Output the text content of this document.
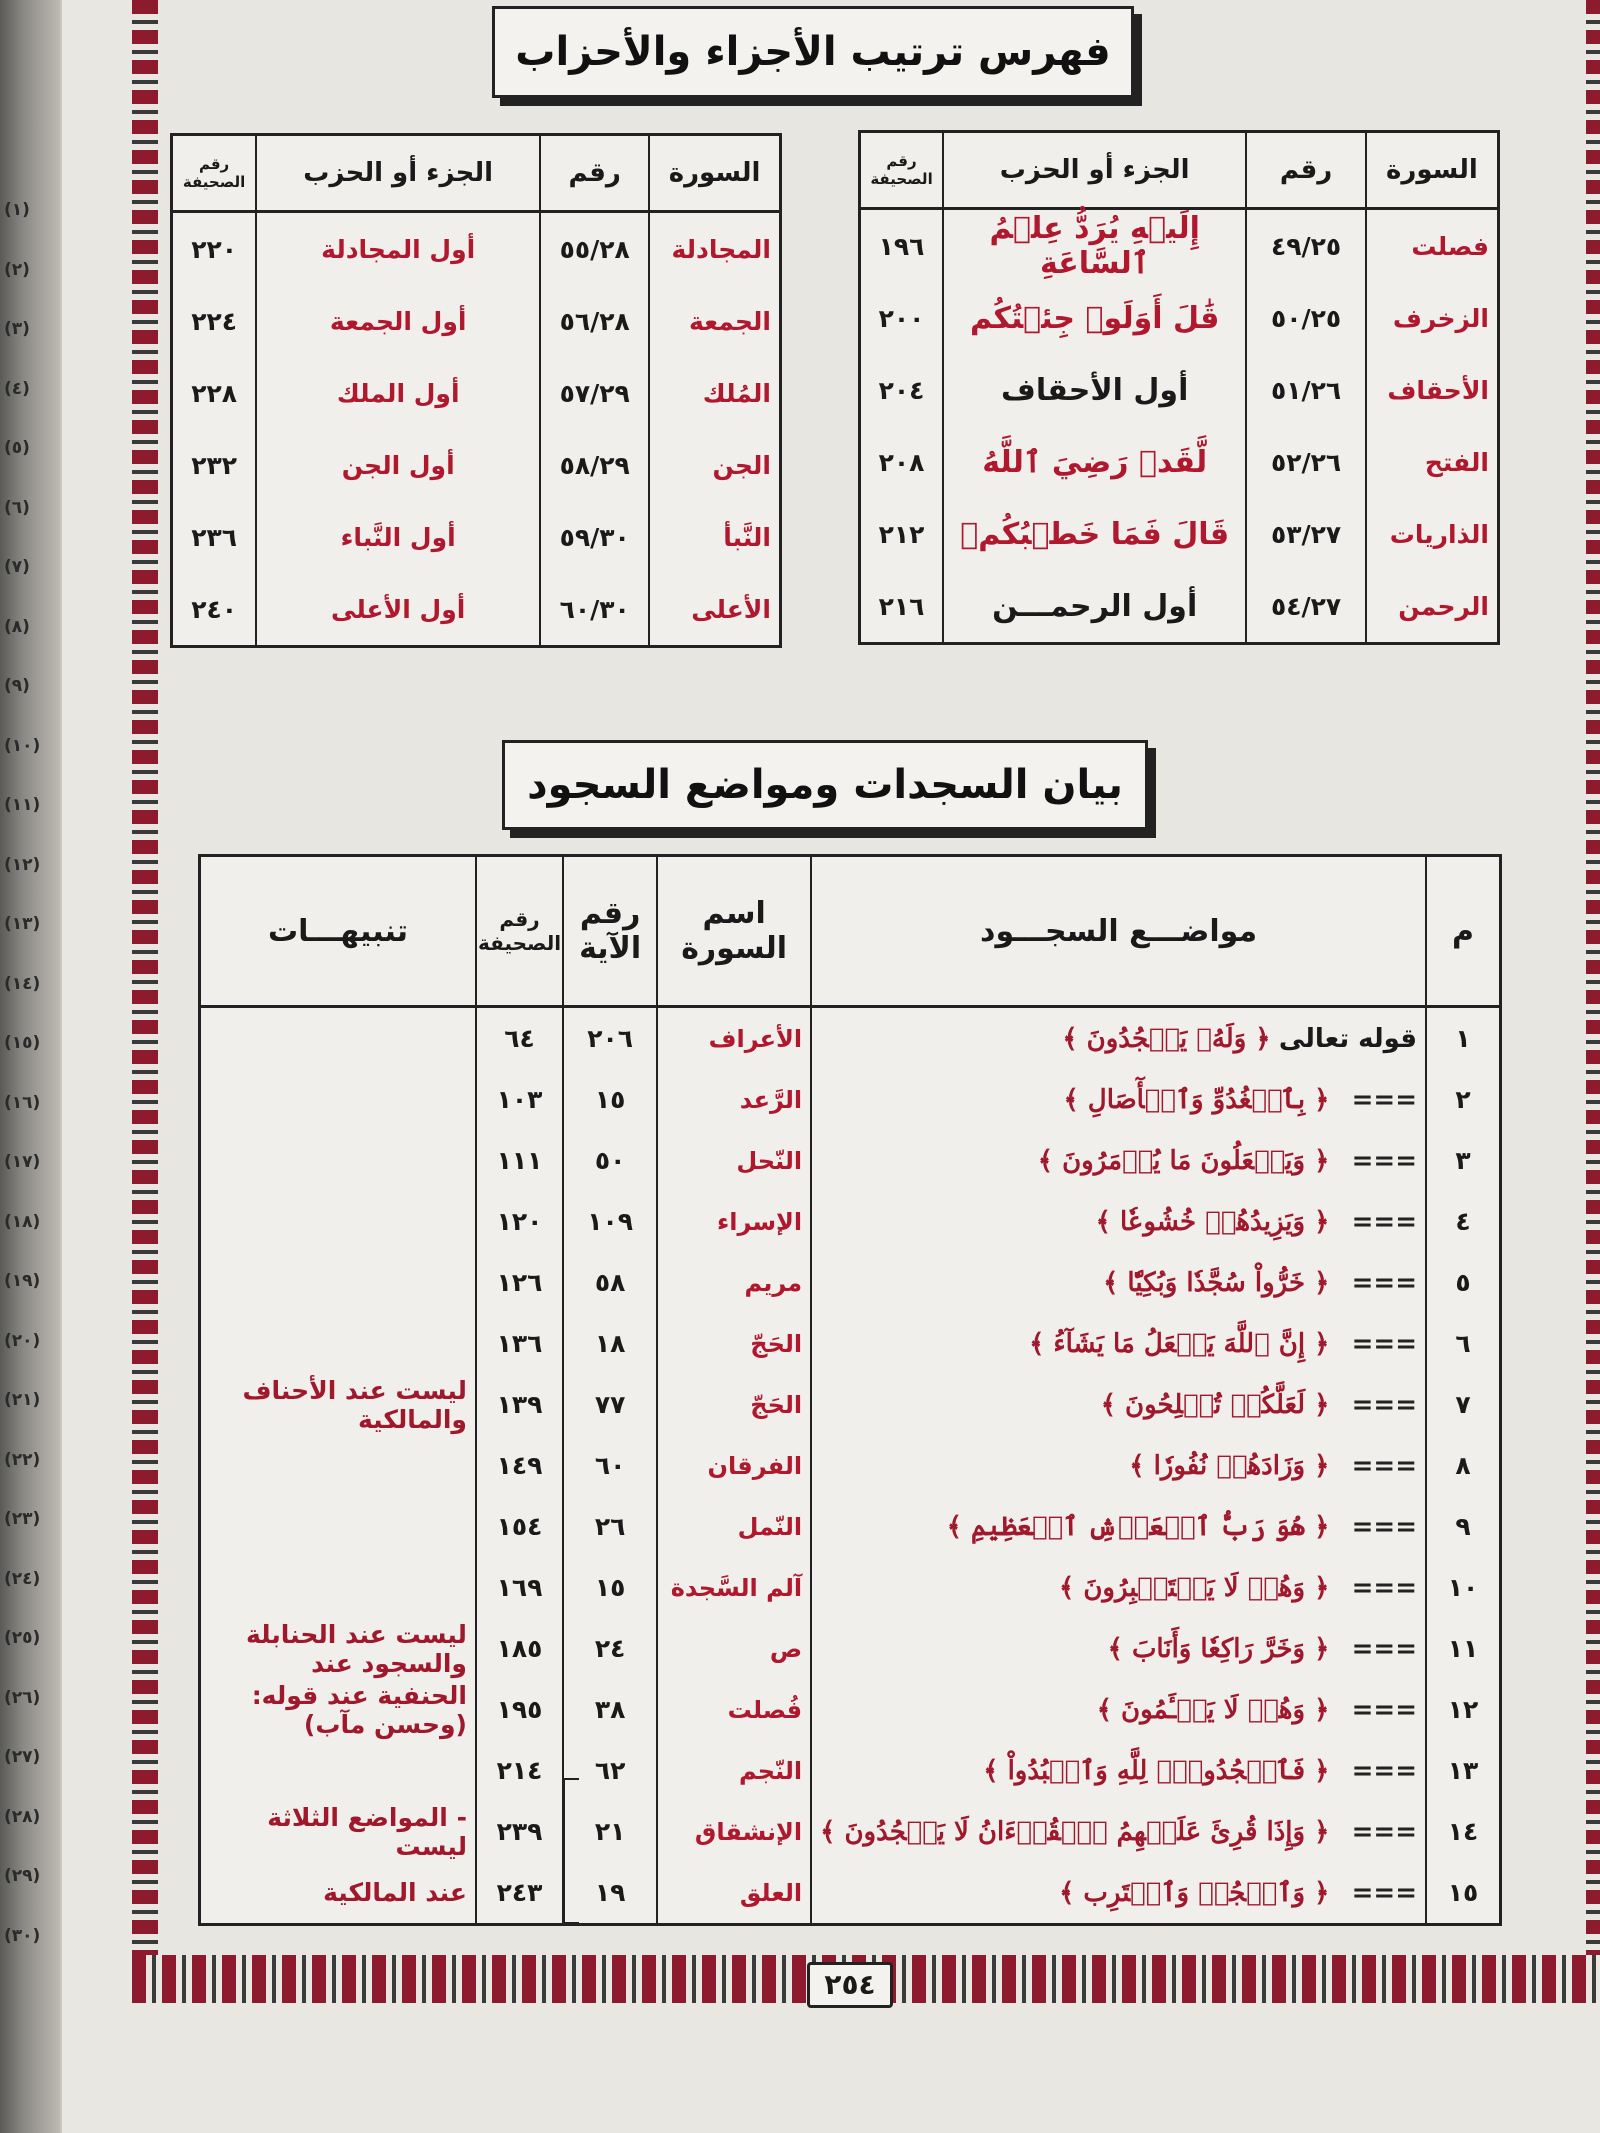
(١)
(٢)
(٣)
(٤)
(٥)
(٦)
(٧)
(٨)
(٩)
(١٠)
(١١)
(١٢)
(١٣)
(١٤)
(١٥)
(١٦)
(١٧)
(١٨)
(١٩)
(٢٠)
(٢١)
(٢٢)
(٢٣)
(٢٤)
(٢٥)
(٢٦)
(٢٧)
(٢٨)
(٢٩)
(٣٠)
فهرس ترتيب الأجزاء والأحزاب
السورة	رقم	الجزء أو الحزب	رقم الصحيفة
فصلت	٤٩/٢٥	إِلَيۡهِ يُرَدُّ عِلۡمُ ٱلسَّاعَةِ	١٩٦
الزخرف	٥٠/٢٥	قَٰلَ أَوَلَوۡ جِئۡتُكُم	٢٠٠
الأحقاف	٥١/٢٦	أول الأحقاف	٢٠٤
الفتح	٥٢/٢٦	لَّقَدۡ رَضِيَ ٱللَّهُ	٢٠٨
الذاريات	٥٣/٢٧	قَالَ فَمَا خَطۡبُكُمۡ	٢١٢
الرحمن	٥٤/٢٧	أول الرحمـــن	٢١٦
السورة	رقم	الجزء أو الحزب	رقم الصحيفة
المجادلة	٥٥/٢٨	أول المجادلة	٢٢٠
الجمعة	٥٦/٢٨	أول الجمعة	٢٢٤
المُلك	٥٧/٢٩	أول الملك	٢٢٨
الجن	٥٨/٢٩	أول الجن	٢٣٢
النَّبأ	٥٩/٣٠	أول النَّباء	٢٣٦
الأعلى	٦٠/٣٠	أول الأعلى	٢٤٠
بيان السجدات ومواضع السجود
م	مواضـــع السجـــود	اسم السورة	رقم الآية	رقم الصحيفة	تنبيهـــات
١	قوله تعالى ﴿ وَلَهُۥ يَسۡجُدُونَ ﴾	الأعراف	٢٠٦	٦٤	
٢	=== ﴿ بِٱلۡغُدُوِّ وَٱلۡأٓصَالِ ﴾	الرَّعد	١٥	١٠٣	
٣	=== ﴿ وَيَفۡعَلُونَ مَا يُؤۡمَرُونَ ﴾	النّحل	٥٠	١١١	
٤	=== ﴿ وَيَزِيدُهُمۡ خُشُوعٗا ﴾	الإسراء	١٠٩	١٢٠	
٥	=== ﴿ خَرُّواْ سُجَّدٗا وَبُكِيّٗا ﴾	مريم	٥٨	١٢٦	
٦	=== ﴿ إِنَّ ٱللَّهَ يَفۡعَلُ مَا يَشَآءُ ﴾	الحَجّ	١٨	١٣٦	
٧	=== ﴿ لَعَلَّكُمۡ تُفۡلِحُونَ ﴾	الحَجّ	٧٧	١٣٩	ليست عند الأحناف والمالكية
٨	=== ﴿ وَزَادَهُمۡ نُفُورٗا ﴾	الفرقان	٦٠	١٤٩	
٩	=== ﴿ هُوَ رَبُّ ٱلۡعَرۡشِ ٱلۡعَظِيمِ ﴾	النّمل	٢٦	١٥٤	
١٠	=== ﴿ وَهُمۡ لَا يَسۡتَكۡبِرُونَ ﴾	آلم السَّجدة	١٥	١٦٩	
١١	=== ﴿ وَخَرَّ رَاكِعٗا وَأَنَابَ ﴾	ص	٢٤	١٨٥	ليست عند الحنابلة والسجود عند
١٢	=== ﴿ وَهُمۡ لَا يَسۡـَٔمُونَ ﴾	فُصلت	٣٨	١٩٥	الحنفية عند قوله: (وحسن مآب)
١٣	=== ﴿ فَٱسۡجُدُواْۤ لِلَّهِ وَٱعۡبُدُواْ ﴾	النّجم	٦٢	٢١٤	
١٤	=== ﴿ وَإِذَا قُرِئَ عَلَيۡهِمُ ٱلۡقُرۡءَانُ لَا يَسۡجُدُونَ ﴾	الإنشقاق	٢١	٢٣٩	- المواضع الثلاثة ليست
١٥	=== ﴿ وَٱسۡجُدۡ وَٱقۡتَرِب ﴾	العلق	١٩	٢٤٣	عند المالكية
٢٥٤
